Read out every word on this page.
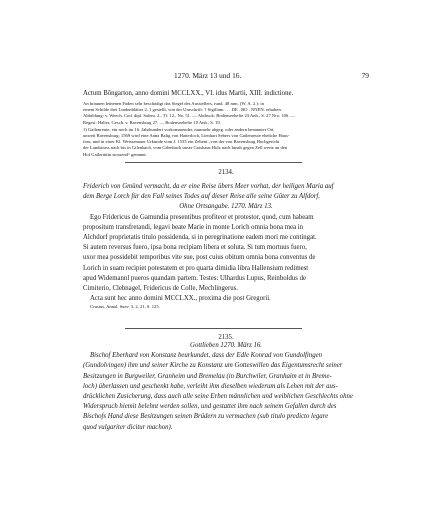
1270. März 13 und 16.	79

Actum Bŏngarton, anno domini MCCLXX., VI. idus Martii, XIII. indictione.

An braunen leinenen Fäden sehr beschädigt das Siegel des Ausstellers, rund. 48 mm. (W. A. 2.): in

einem Schilde drei Lindenblätter 2, 1 gestellt, von der Umschrift: † Sigillum . . . DE . BO . NNEN. erhalten.

Abbildung: v. Weech, Cod. dipl. Salem. 2., Tf. 12., No. 51. — Abdruck: Bodenseehefte 23 Anh., S. 27 Nro. 106. —

Regest: Halter, Gesch. v. Ravensburg 27. — Bodenseehefte 10 Anh., S. 19.

1) Gailenreute, ein noch im 16. Jahrhundert vorkommender, nunmehr abgeg. oder andern benannter Ort

unweit Ravensburg; 1569 wird eine Anna Balig von Hatterloch, Lienhart Sebers von Gailenreute eheliche Haus-

frau, und in einer Kl. Weissenauer Urkunde vom J. 1535 ein Zehent „von der von Ravensburg Hochgericht

der Landstrass nach bis in Gilenbach, vom Gilenbach unser Gotshaus Holz nach hinab gegen Zell wertz an den

Hof Gailerüttin stossend“ genannt.

2134.

Friderich von Gmünd vermacht, da er eine Reise übers Meer vorhat, der heiligen Maria auf

dem Berge Lorch für den Fall seines Todes auf dieser Reise alle seine Güter zu Alfdorf.

Ohne Ortsangabe. 1270. März 13.

Ego Fridericus de Gamundia presentibus profiteor et protestor, quod, cum habeam

propositum transfretandi, legavi beate Marie in monte Lorich omnia bona mea in

Alchdorf proprietatis titulo possidenda, si in peregrinatione eadem mori me contingat.

Si autem reversus fuero, ipsa bona recipiam libera et soluta. Si tum mortuus fuero,

uxor mea possidebit temporibus vite sue, post cuius obitum omnia bona conventus de

Lorich in suam recipiet potestatem et pro quarta dimidia libra Hallensium redimest

apud Widemannl pueros quandam partem. Testes: Ulhardus Lupus, Reinboldus de

Cimiterio, Clebnagel, Fridericus de Colle, Mechlingerus.

Acta sunt hec anno domini MCCLXX., proxima die post Gregorii.

Crusius, Annal. Suev. 3, 2, 21, S. 125.

2135.

Gottlieben 1270. März 16.

Bischof Eberhard von Konstanz beurkundet, dass der Edle Konrad von Gundolfingen

(Gundolvingen) ihm und seiner Kirche zu Konstanz um Gotteswillen das Eigentumsrecht seiner

Besitzungen in Burgweiler, Granheim und Bremelau (in Burchwiler, Granhaim et in Breme-

loch) überlassen und geschenkt habe, verleiht ihm dieselben wiederum als Lehen mit der aus-

drücklichen Zusicherung, dass auch alle seine Erben männlichen und weiblichen Geschlechts ohne

Widerspruch hiemit belehnt werden sollen, und gestattet ihm nach seinem Gefallen durch des

Bischofs Hand diese Besitzungen seinen Brüdern zu vermachen (sub titulo predicto legare

quod vulgariter dicitur machon).
